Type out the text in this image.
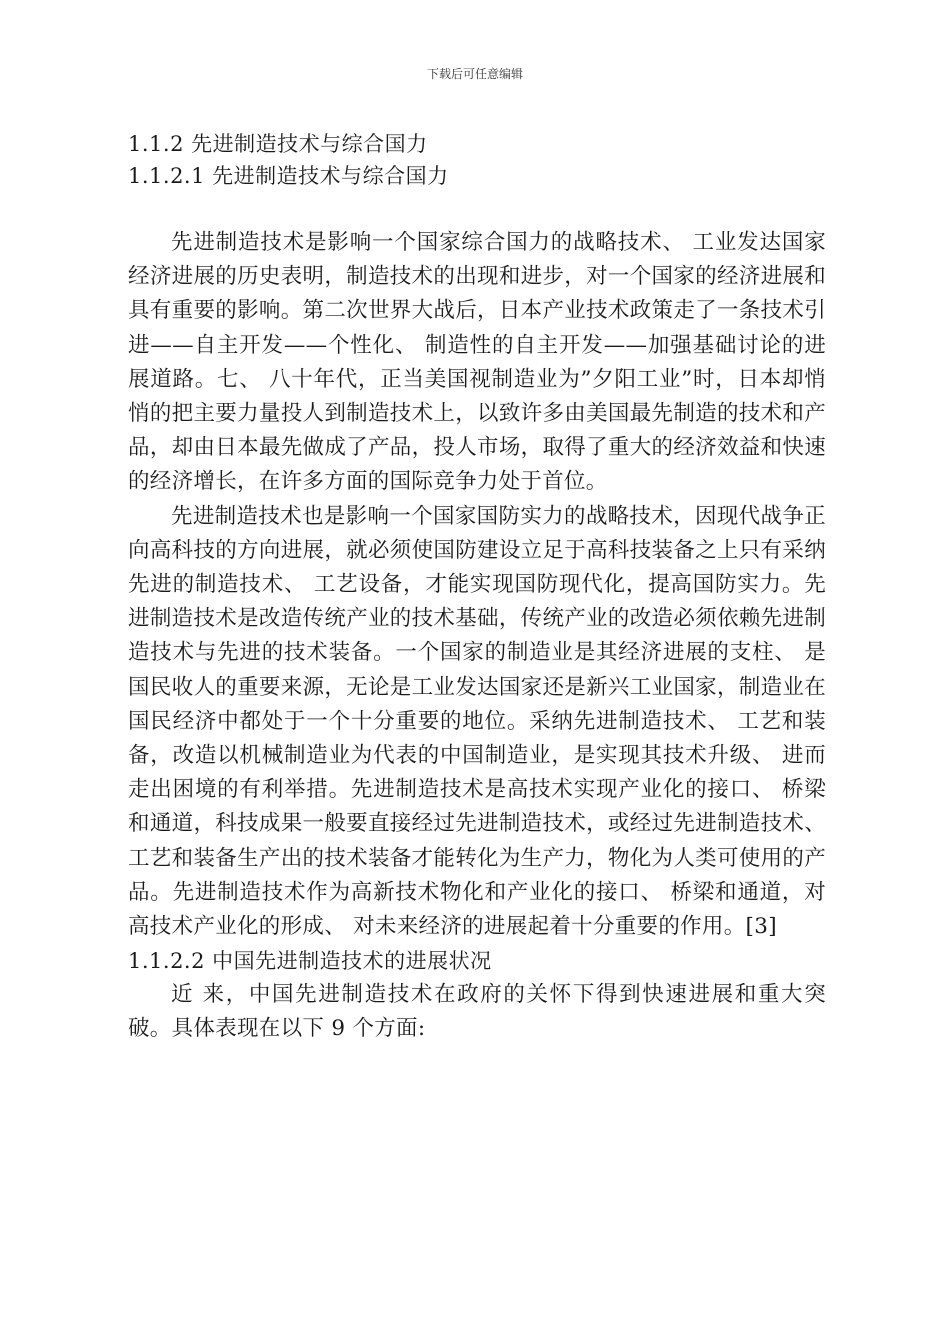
下载后可任意编辑

1.1.2 先进制造技术与综合国力

1.1.2.1 先进制造技术与综合国力

先进制造技术是影响一个国家综合国力的战略技术、 工业发达国家经济进展的历史表明，制造技术的出现和进步，对一个国家的经济进展和具有重要的影响。第二次世界大战后，日本产业技术政策走了一条技术引进——自主开发——个性化、 制造性的自主开发——加强基础讨论的进展道路。七、 八十年代，正当美国视制造业为”夕阳工业”时，日本却悄悄的把主要力量投人到制造技术上，以致许多由美国最先制造的技术和产品，却由日本最先做成了产品，投人市场，取得了重大的经济效益和快速的经济增长，在许多方面的国际竞争力处于首位。

先进制造技术也是影响一个国家国防实力的战略技术，因现代战争正向高科技的方向进展，就必须使国防建设立足于高科技装备之上只有采纳先进的制造技术、 工艺设备，才能实现国防现代化，提高国防实力。先进制造技术是改造传统产业的技术基础，传统产业的改造必须依赖先进制造技术与先进的技术装备。一个国家的制造业是其经济进展的支柱、 是国民收人的重要来源，无论是工业发达国家还是新兴工业国家，制造业在国民经济中都处于一个十分重要的地位。采纳先进制造技术、 工艺和装备，改造以机械制造业为代表的中国制造业，是实现其技术升级、 进而走出困境的有利举措。先进制造技术是高技术实现产业化的接口、 桥梁和通道，科技成果一般要直接经过先进制造技术，或经过先进制造技术、 工艺和装备生产出的技术装备才能转化为生产力，物化为人类可使用的产品。先进制造技术作为高新技术物化和产业化的接口、 桥梁和通道，对高技术产业化的形成、 对未来经济的进展起着十分重要的作用。[3]

1.1.2.2 中国先进制造技术的进展状况

近 来，中国先进制造技术在政府的关怀下得到快速进展和重大突破。具体表现在以下 9 个方面:
